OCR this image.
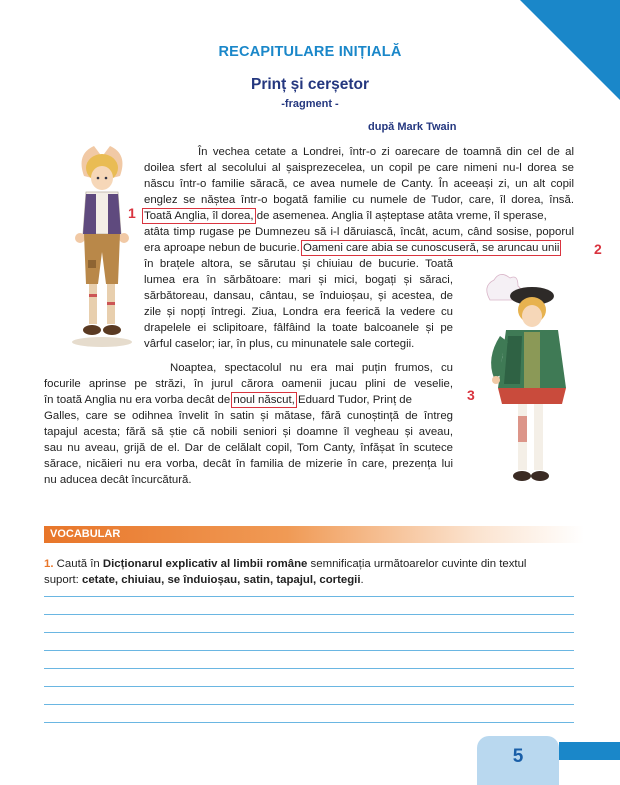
RECAPITULARE INIȚIALĂ
Prinț și cerșetor
-fragment -
după Mark Twain
1
2
3
În vechea cetate a Londrei, într-o zi oarecare de toamnă din cel de al
doilea sfert al secolului al șaisprezecelea, un copil pe care nimeni nu-l dorea se
născu într-o familie săracă, ce avea numele de Canty. În aceeași zi, un alt copil
englez se năștea într-o bogată familie cu numele de Tudor, care, îl dorea, însă.
Toată Anglia, îl dorea, de asemenea. Anglia îl așteptase atâta vreme, îl sperase,
atâta timp rugase pe Dumnezeu să i-l dăruiască, încât, acum, când sosise, poporul
era aproape nebun de bucurie. Oameni care abia se cunoscuseră, se aruncau unii
în brațele altora, se sărutau și chiuiau de bucurie. Toată
lumea era în sărbătoare: mari și mici, bogați și săraci,
sărbătoreau, dansau, cântau, se înduioșau, și acestea, de
zile și nopți întregi. Ziua, Londra era feerică la vedere cu
drapelele ei sclipitoare, fâlfâind la toate balcoanele și pe
vârful caselor; iar, în plus, cu minunatele sale cortegii.
Noaptea, spectacolul nu era mai puțin frumos, cu
focurile aprinse pe străzi, în jurul cărora oamenii jucau plini de veselie,
în toată Anglia nu era vorba decât de noul născut, Eduard Tudor, Prinț de
Galles, care se odihnea învelit în satin și mătase, fără cunoștință de întreg
tapajul acesta; fără să știe că nobili seniori și doamne îl vegheau și aveau,
sau nu aveau, grijă de el. Dar de celălalt copil, Tom Canty, înfășat în scutece
sărace, nicăieri nu era vorba, decât în familia de mizerie în care, prezența lui
nu aducea decât încurcătură.
VOCABULAR
1. Caută în Dicționarul explicativ al limbii române semnificația următoarelor cuvinte din textul
suport: cetate, chiuiau, se înduioșau, satin, tapajul, cortegii.
5
